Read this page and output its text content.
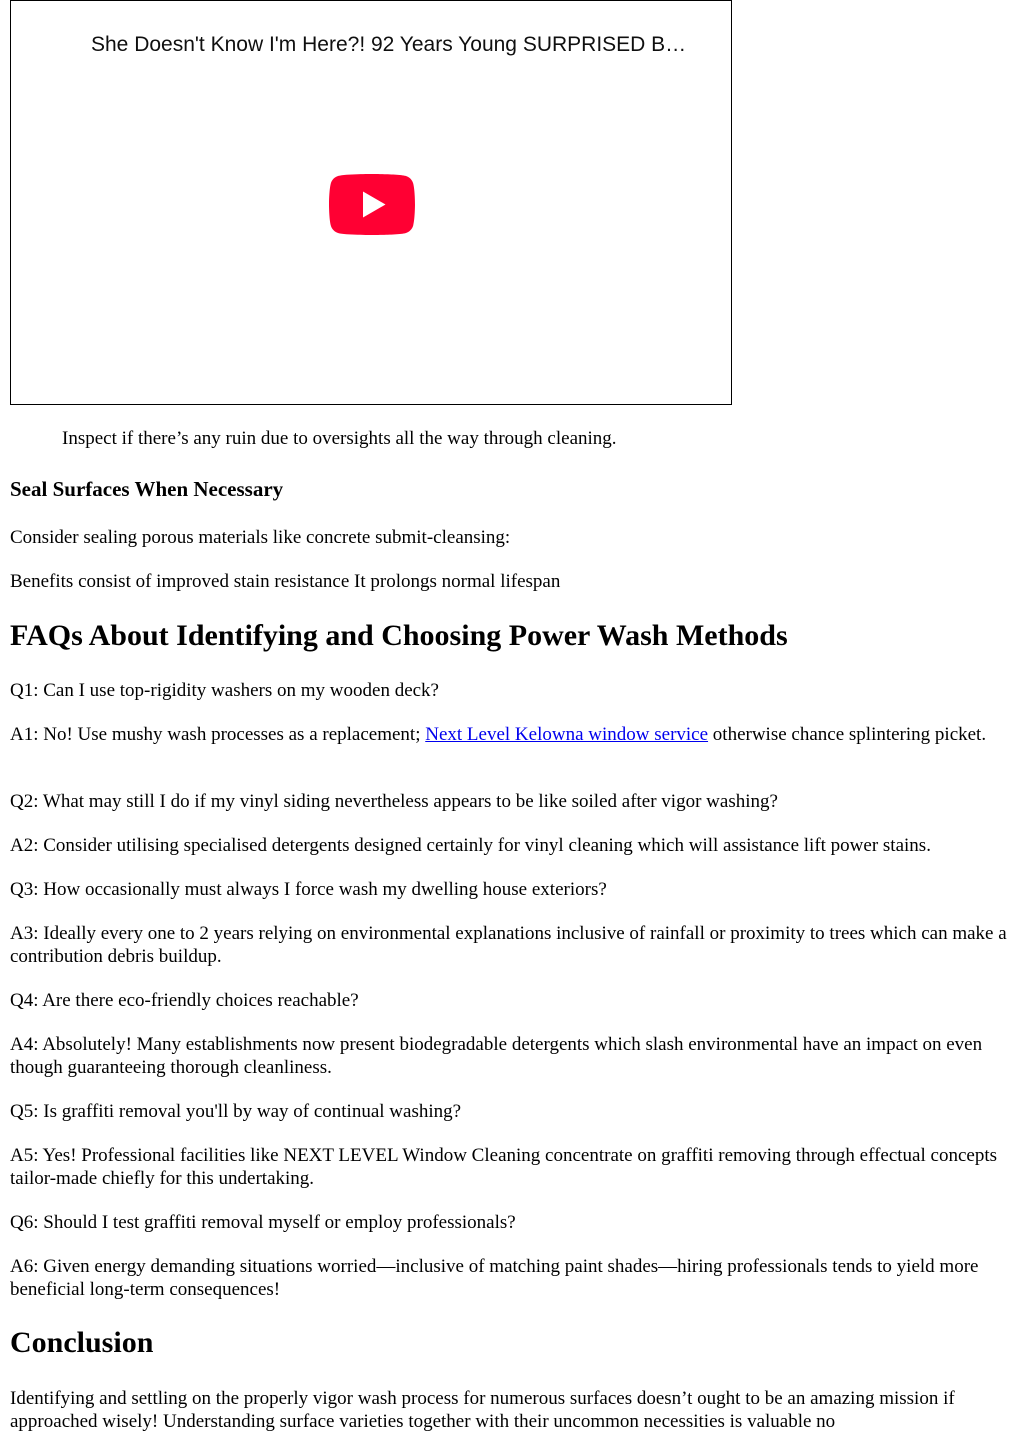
She Doesn't Know I'm Here?! 92 Years Young SURPRISED B…

Inspect if there’s any ruin due to oversights all the way through cleaning.

Seal Surfaces When Necessary

Consider sealing porous materials like concrete submit-cleansing:

Benefits consist of improved stain resistance It prolongs normal lifespan

FAQs About Identifying and Choosing Power Wash Methods

Q1: Can I use top-rigidity washers on my wooden deck?

A1: No! Use mushy wash processes as a replacement; Next Level Kelowna window service otherwise chance splintering picket.

Q2: What may still I do if my vinyl siding nevertheless appears to be like soiled after vigor washing?

A2: Consider utilising specialised detergents designed certainly for vinyl cleaning which will assistance lift power stains.

Q3: How occasionally must always I force wash my dwelling house exteriors?

A3: Ideally every one to 2 years relying on environmental explanations inclusive of rainfall or proximity to trees which can make a contribution debris buildup.

Q4: Are there eco-friendly choices reachable?

A4: Absolutely! Many establishments now present biodegradable detergents which slash environmental have an impact on even though guaranteeing thorough cleanliness.

Q5: Is graffiti removal you'll by way of continual washing?

A5: Yes! Professional facilities like NEXT LEVEL Window Cleaning concentrate on graffiti removing through effectual concepts tailor-made chiefly for this undertaking.

Q6: Should I test graffiti removal myself or employ professionals?

A6: Given energy demanding situations worried—inclusive of matching paint shades—hiring professionals tends to yield more beneficial long-term consequences!

Conclusion

Identifying and settling on the properly vigor wash process for numerous surfaces doesn’t ought to be an amazing mission if approached wisely! Understanding surface varieties together with their uncommon necessities is valuable no
